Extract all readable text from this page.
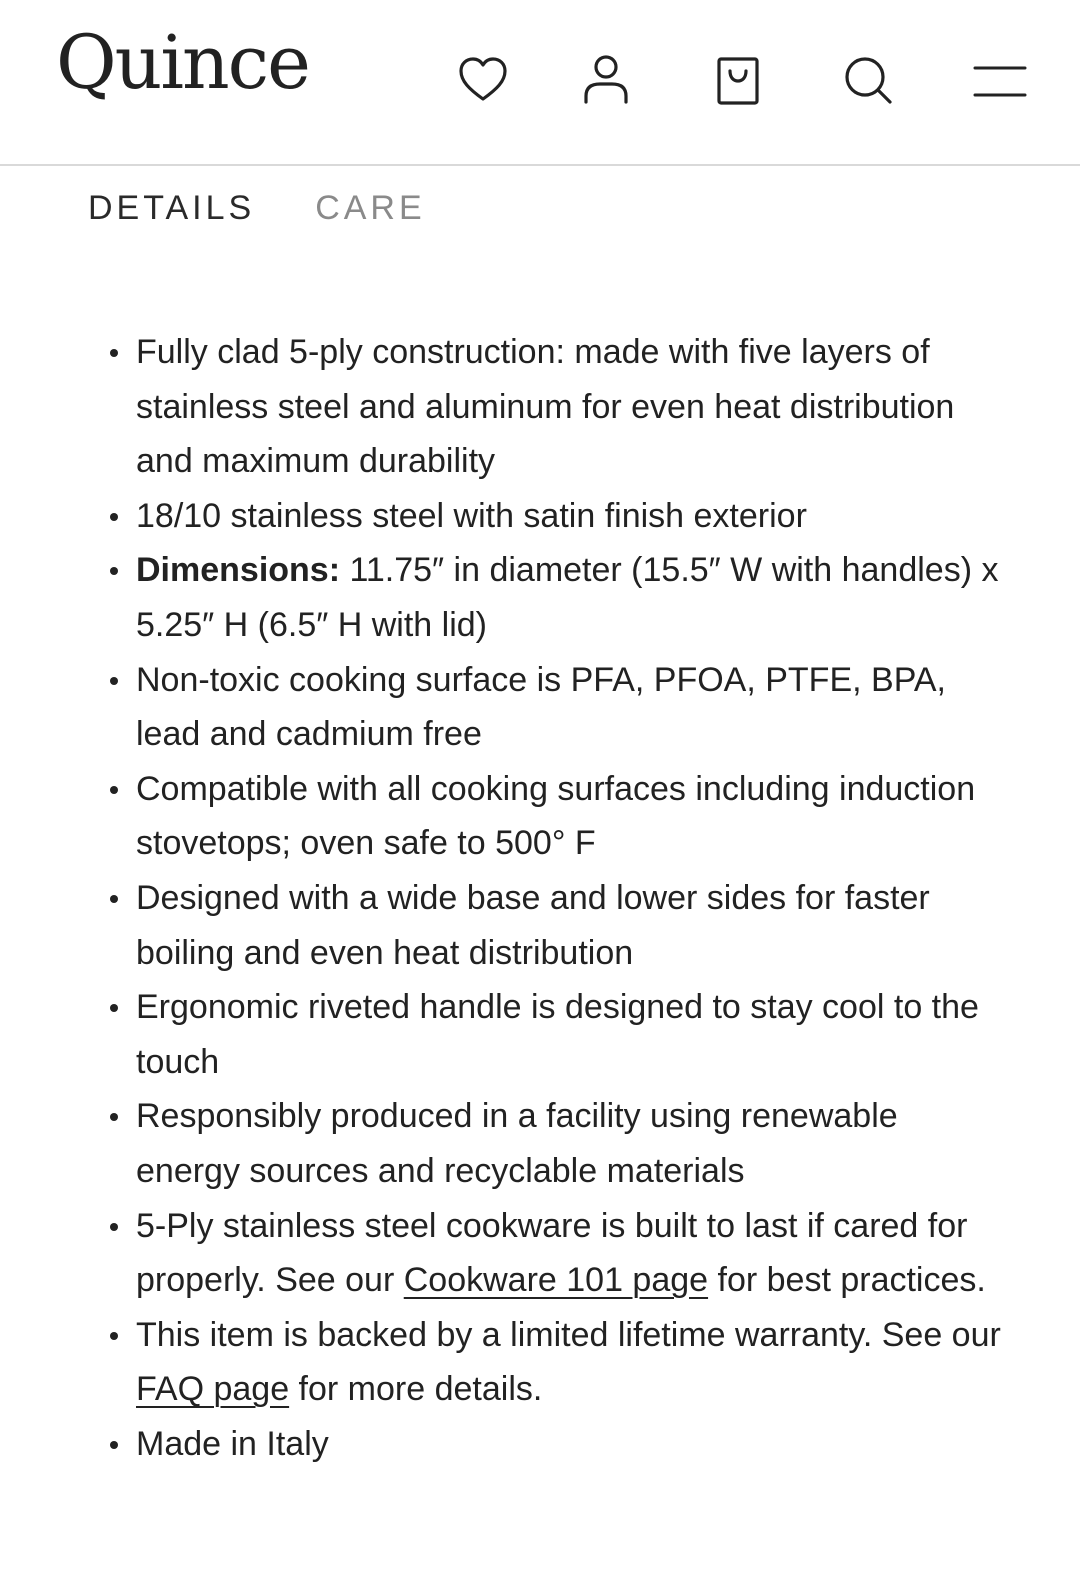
Quince
DETAILS CARE
Fully clad 5-ply construction: made with five layers of stainless steel and aluminum for even heat distribution and maximum durability
18/10 stainless steel with satin finish exterior
Dimensions: 11.75″ in diameter (15.5″ W with handles) x 5.25″ H (6.5″ H with lid)
Non-toxic cooking surface is PFA, PFOA, PTFE, BPA, lead and cadmium free
Compatible with all cooking surfaces including induction stovetops; oven safe to 500° F
Designed with a wide base and lower sides for faster boiling and even heat distribution
Ergonomic riveted handle is designed to stay cool to the touch
Responsibly produced in a facility using renewable energy sources and recyclable materials
5-Ply stainless steel cookware is built to last if cared for properly. See our Cookware 101 page for best practices.
This item is backed by a limited lifetime warranty. See our FAQ page for more details.
Made in Italy
